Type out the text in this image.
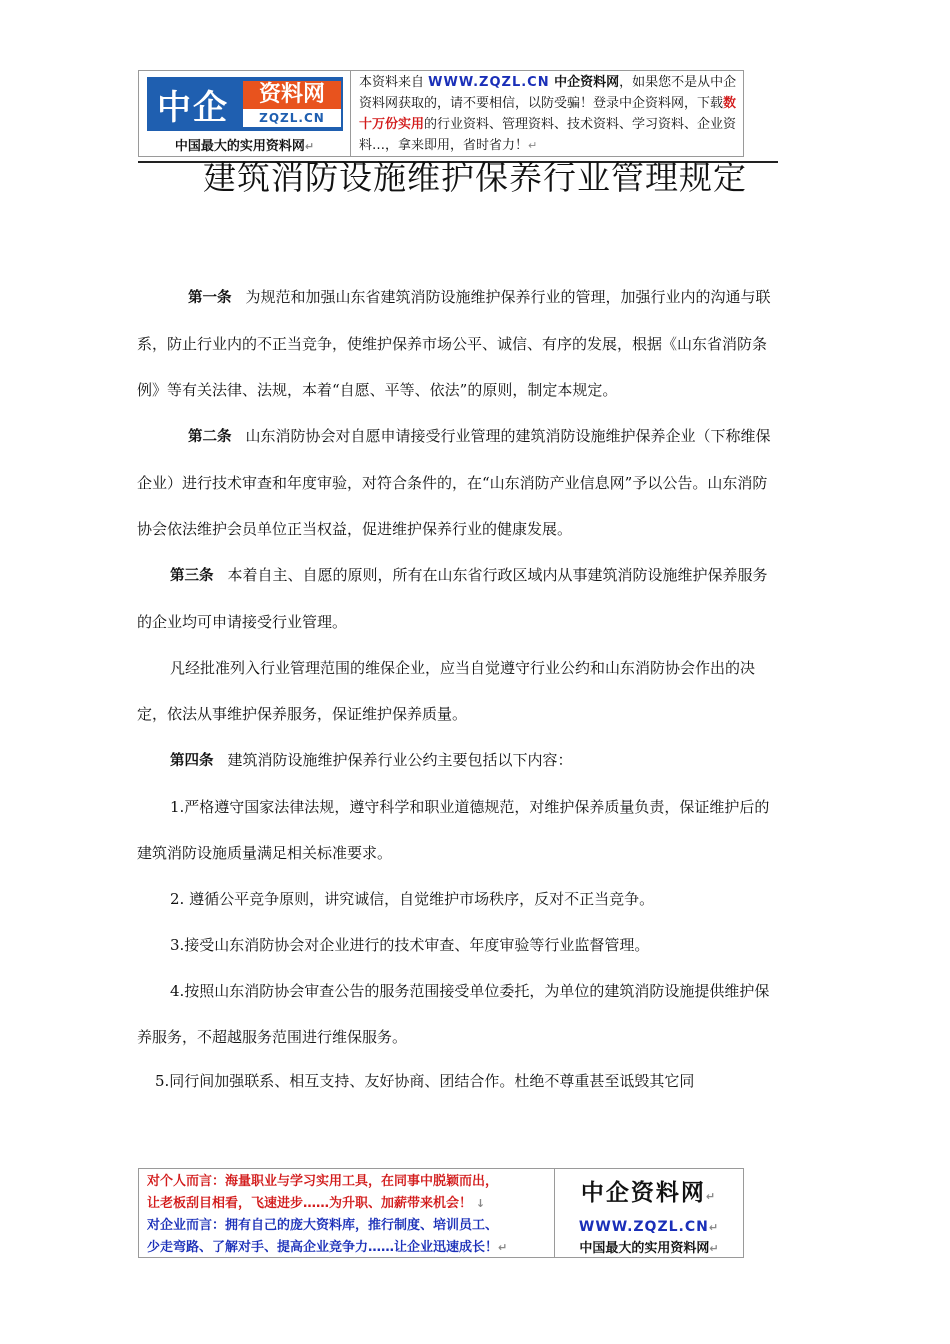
中企	资料网
ZQZL.CN
中国最大的实用资料网↵
本资料来自 WWW.ZQZL.CN 中企资料网，如果您不是从中企资料网获取的，请不要相信，以防受骗！登录中企资料网，下载数十万份实用的行业资料、管理资料、技术资料、学习资料、企业资料…，拿来即用，省时省力！↵
建筑消防设施维护保养行业管理规定

第一条 为规范和加强山东省建筑消防设施维护保养行业的管理，加强行业内的沟通与联系，防止行业内的不正当竞争，使维护保养市场公平、诚信、有序的发展，根据《山东省消防条例》等有关法律、法规，本着“自愿、平等、依法”的原则，制定本规定。

第二条 山东消防协会对自愿申请接受行业管理的建筑消防设施维护保养企业（下称维保企业）进行技术审查和年度审验，对符合条件的，在“山东消防产业信息网”予以公告。山东消防协会依法维护会员单位正当权益，促进维护保养行业的健康发展。

第三条 本着自主、自愿的原则，所有在山东省行政区域内从事建筑消防设施维护保养服务的企业均可申请接受行业管理。

凡经批准列入行业管理范围的维保企业，应当自觉遵守行业公约和山东消防协会作出的决定，依法从事维护保养服务，保证维护保养质量。

第四条 建筑消防设施维护保养行业公约主要包括以下内容：

1.严格遵守国家法律法规，遵守科学和职业道德规范，对维护保养质量负责，保证维护后的建筑消防设施质量满足相关标准要求。

2. 遵循公平竞争原则，讲究诚信，自觉维护市场秩序，反对不正当竞争。

3.接受山东消防协会对企业进行的技术审查、年度审验等行业监督管理。

4.按照山东消防协会审查公告的服务范围接受单位委托，为单位的建筑消防设施提供维护保养服务，不超越服务范围进行维保服务。

5.同行间加强联系、相互支持、友好协商、团结合作。杜绝不尊重甚至诋毁其它同

对个人而言：海量职业与学习实用工具，在同事中脱颖而出，
让老板刮目相看，飞速进步……为升职、加薪带来机会！ ↓
对企业而言：拥有自己的庞大资料库，推行制度、培训员工、
少走弯路、了解对手、提高企业竞争力……让企业迅速成长！↵
中企资料网↵
WWW.ZQZL.CN↵
中国最大的实用资料网↵
